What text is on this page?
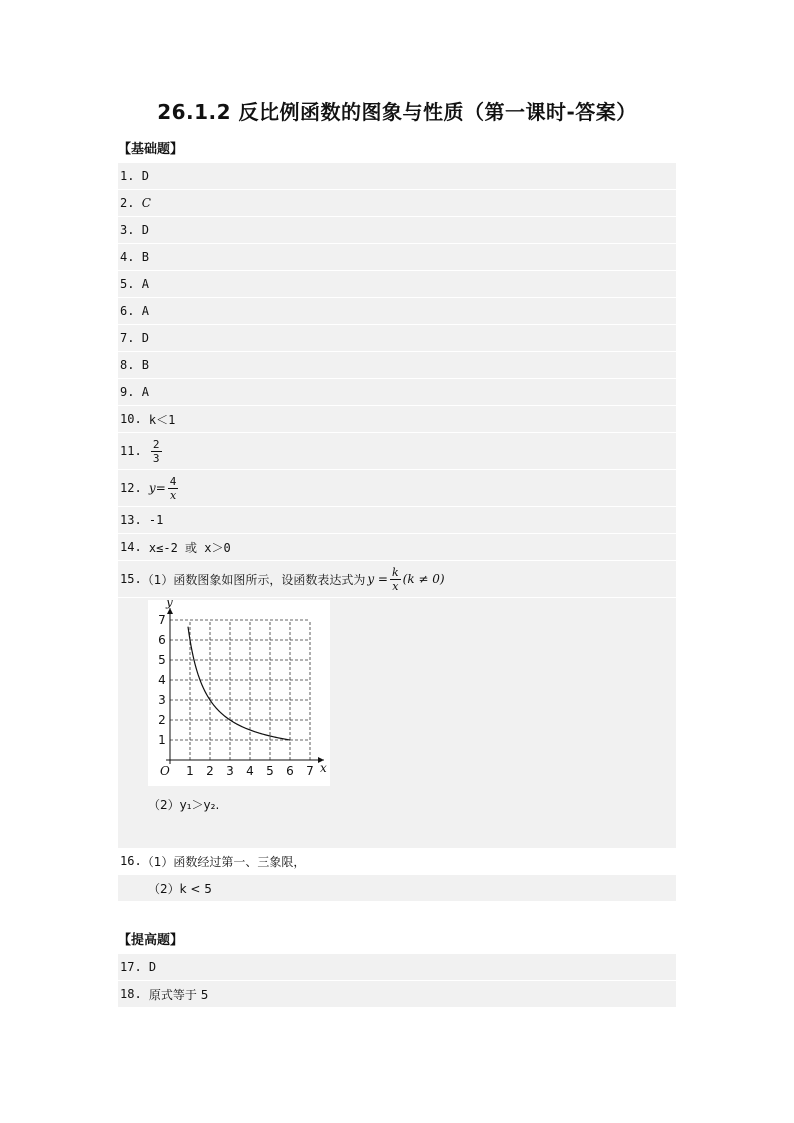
26.1.2 反比例函数的图象与性质（第一课时-答案）
【基础题】
1.
D
2.
C
3.
D
4.
B
5.
A
6.
A
7.
D
8.
B
9.
A
10.
k＜1
11.
$\frac{2}{3}$
12.
$y= \frac{4}{x}$
13.
-1
14.
x≤-2 或 x＞0
15. （1）函数图象如图所示，设函数表达式为 $y = \frac{k}{x} (k \ne 0)$
1 2 3 4 5 6 7
1
2
3
4
5
6
7
O	x
y
（2）y₁＞y₂.
16. （1）函数经过第一、三象限，
（2）k < 5
【提高题】
17.
D
18.
原式等于 5
